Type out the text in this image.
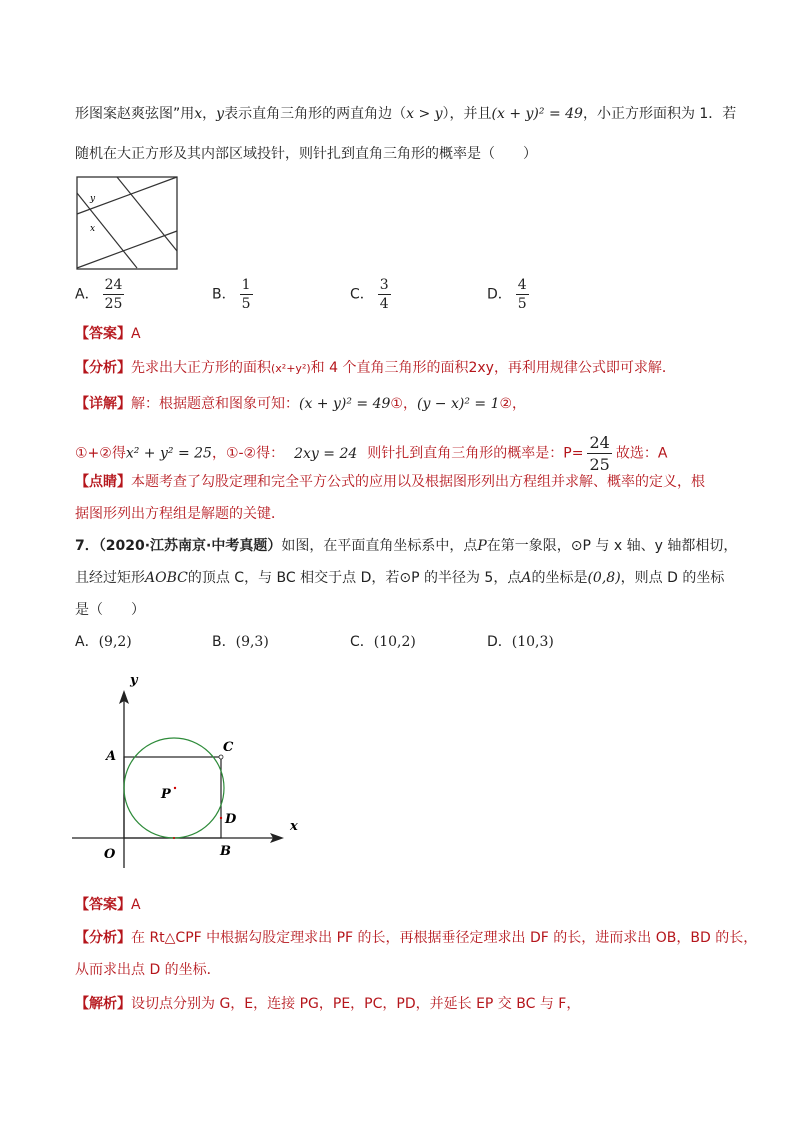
形图案赵爽弦图”用x，y表示直角三角形的两直角边（x > y），并且(x + y)² = 49，小正方形面积为 1．若
随机在大正方形及其内部区域投针，则针扎到直角三角形的概率是（　　）
y
x
A． $\frac{24}{25}$	B． $\frac{1}{5}$	C． $\frac{3}{4}$	D． $\frac{4}{5}$
【答案】A
【分析】先求出大正方形的面积(x²+y²)和 4 个直角三角形的面积2xy，再利用规律公式即可求解．
【详解】解：根据题意和图象可知：(x + y)² = 49①，(y − x)² = 1②，
①+②得x² + y² = 25，①-②得： 2xy = 24 则针扎到直角三角形的概率是：$P= \frac{24}{25}$ 故选：A
【点睛】本题考查了勾股定理和完全平方公式的应用以及根据图形列出方程组并求解、概率的定义，根
据图形列出方程组是解题的关键．
7．（2020·江苏南京·中考真题）如图，在平面直角坐标系中，点P在第一象限，⊙P 与 x 轴、y 轴都相切，
且经过矩形AOBC的顶点 C，与 BC 相交于点 D，若⊙P 的半径为 5，点A的坐标是(0,8)，则点 D 的坐标
是（　　）
A．(9,2)	B．(9,3)	C．(10,2)	D．(10,3)
y
x
A
C
P
D
O	B
【答案】A
【分析】在 Rt△CPF 中根据勾股定理求出 PF 的长，再根据垂径定理求出 DF 的长，进而求出 OB，BD 的长，
从而求出点 D 的坐标．
【解析】设切点分别为 G，E，连接 PG，PE，PC，PD，并延长 EP 交 BC 与 F，
